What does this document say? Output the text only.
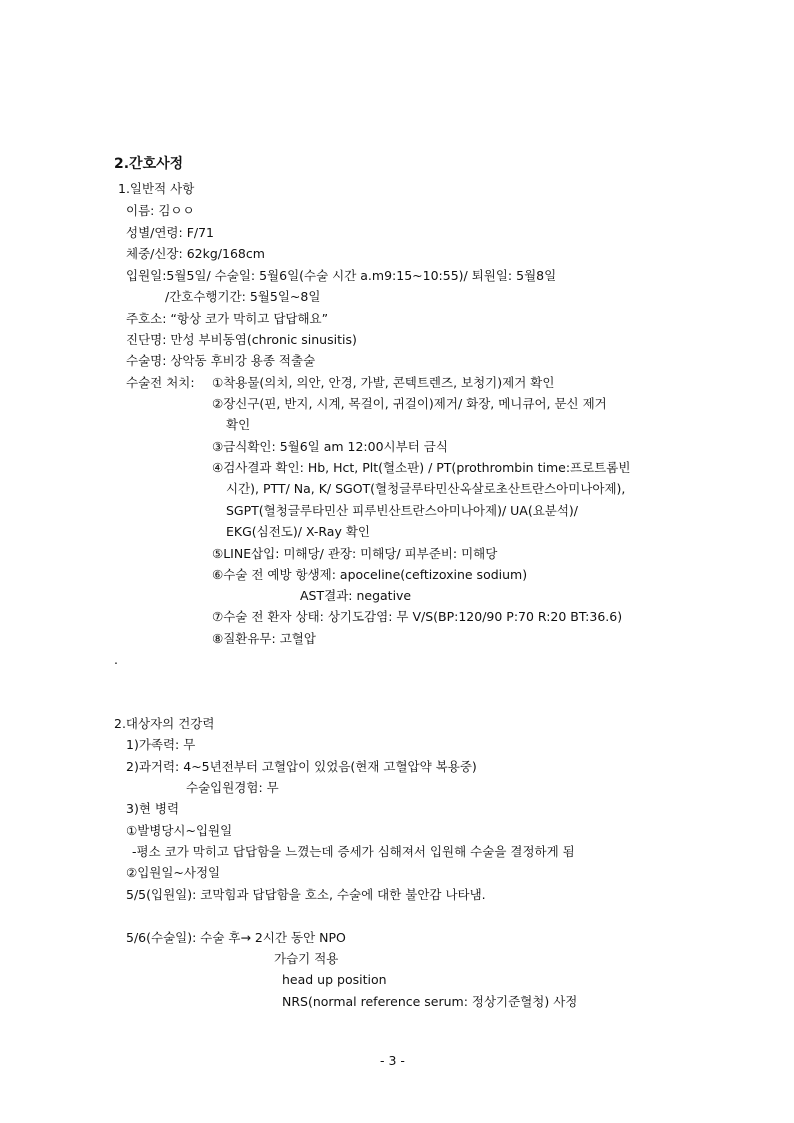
2.간호사정
1.일반적 사항
이름: 김ㅇㅇ
성별/연령: F/71
체중/신장: 62kg/168cm
입원일:5월5일/ 수술일: 5월6일(수술 시간 a.m9:15~10:55)/ 퇴원일: 5월8일
/간호수행기간: 5월5일~8일
주호소: “항상 코가 막히고 답답해요”
진단명: 만성 부비동염(chronic sinusitis)
수술명: 상악동 후비강 용종 적출술
수술전 처치: ①착용물(의치, 의안, 안경, 가발, 콘텍트렌즈, 보청기)제거 확인
②장신구(핀, 반지, 시계, 목걸이, 귀걸이)제거/ 화장, 메니큐어, 문신 제거
확인
③금식확인: 5월6일 am 12:00시부터 금식
④검사결과 확인: Hb, Hct, Plt(혈소판) / PT(prothrombin time:프로트롬빈
시간), PTT/ Na, K/ SGOT(혈청글루타민산옥살로초산트란스아미나아제),
SGPT(혈청글루타민산 피루빈산트란스아미나아제)/ UA(요분석)/
EKG(심전도)/ X-Ray 확인
⑤LINE삽입: 미해당/ 관장: 미해당/ 피부준비: 미해당
⑥수술 전 예방 항생제: apoceline(ceftizoxine sodium)
AST결과: negative
⑦수술 전 환자 상태: 상기도감염: 무 V/S(BP:120/90 P:70 R:20 BT:36.6)
⑧질환유무: 고혈압
.
2.대상자의 건강력
1)가족력: 무
2)과거력: 4~5년전부터 고혈압이 있었음(현재 고혈압약 복용중)
수술입원경험: 무
3)현 병력
①발병당시~입원일
-평소 코가 막히고 답답함을 느꼈는데 증세가 심해져서 입원해 수술을 결정하게 됨
②입원일~사정일
5/5(입원일): 코막힘과 답답함을 호소, 수술에 대한 불안감 나타냄.
5/6(수술일): 수술 후→ 2시간 동안 NPO
가습기 적용
head up position
NRS(normal reference serum: 정상기준혈청) 사정
- 3 -
